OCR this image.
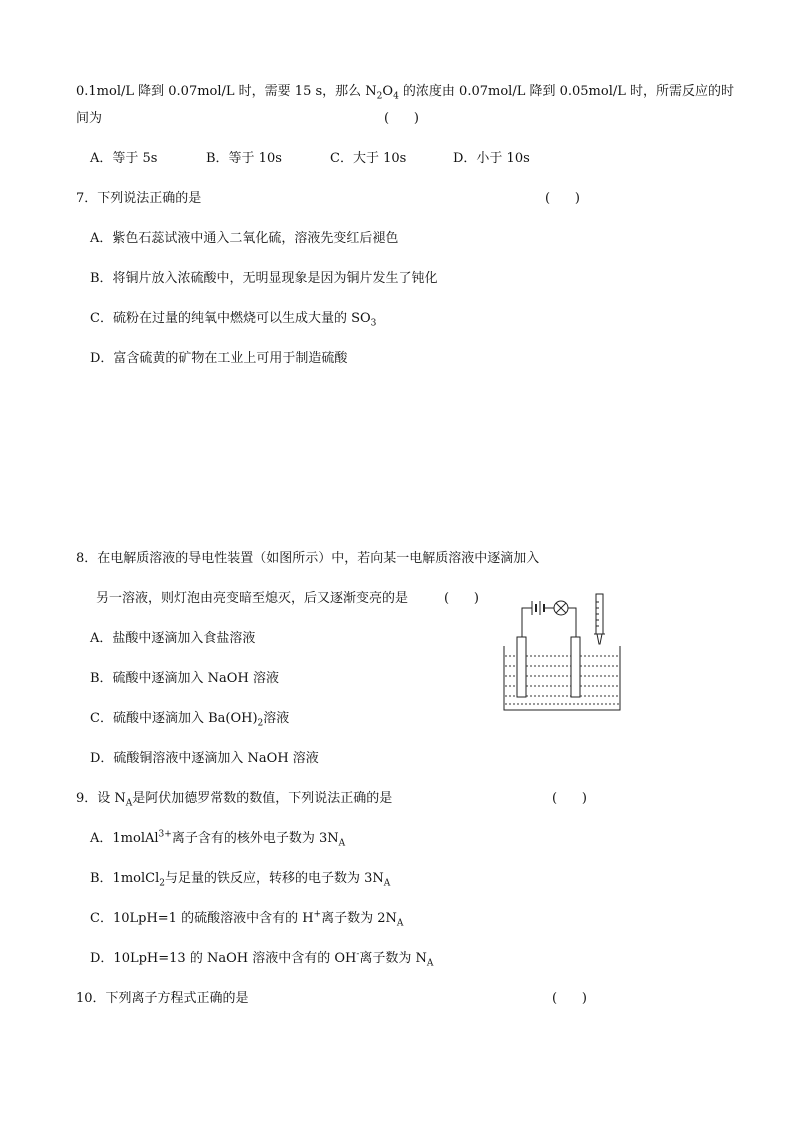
0.1mol/L 降到 0.07mol/L 时，需要 15 s，那么 $N_2O_4$ 的浓度由 0.07mol/L 降到 0.05mol/L 时，所需反应的时
间为	(      )
A．等于 5s	B．等于 10s	C．大于 10s	D．小于 10s
7．下列说法正确的是	(      )
A．紫色石蕊试液中通入二氧化硫，溶液先变红后褪色
B．将铜片放入浓硫酸中，无明显现象是因为铜片发生了钝化
C．硫粉在过量的纯氧中燃烧可以生成大量的 $SO_3$
D．富含硫黄的矿物在工业上可用于制造硫酸
8．在电解质溶液的导电性装置（如图所示）中，若向某一电解质溶液中逐滴加入
另一溶液，则灯泡由亮变暗至熄灭，后又逐渐变亮的是	(      )
A．盐酸中逐滴加入食盐溶液
B．硫酸中逐滴加入 NaOH 溶液
C．硫酸中逐滴加入 $Ba(OH)_2$溶液
D．硫酸铜溶液中逐滴加入 NaOH 溶液
9．设 $N_A$是阿伏加德罗常数的数值，下列说法正确的是	(      )
A．1molAl$^{3+}$离子含有的核外电子数为 $3N_A$
B．1molCl$_2$与足量的铁反应，转移的电子数为 $3N_A$
C．10LpH=1 的硫酸溶液中含有的 H+离子数为 $2N_A$
D．10LpH=13 的 NaOH 溶液中含有的 OH-离子数为 $N_A$
10．下列离子方程式正确的是	(      )
